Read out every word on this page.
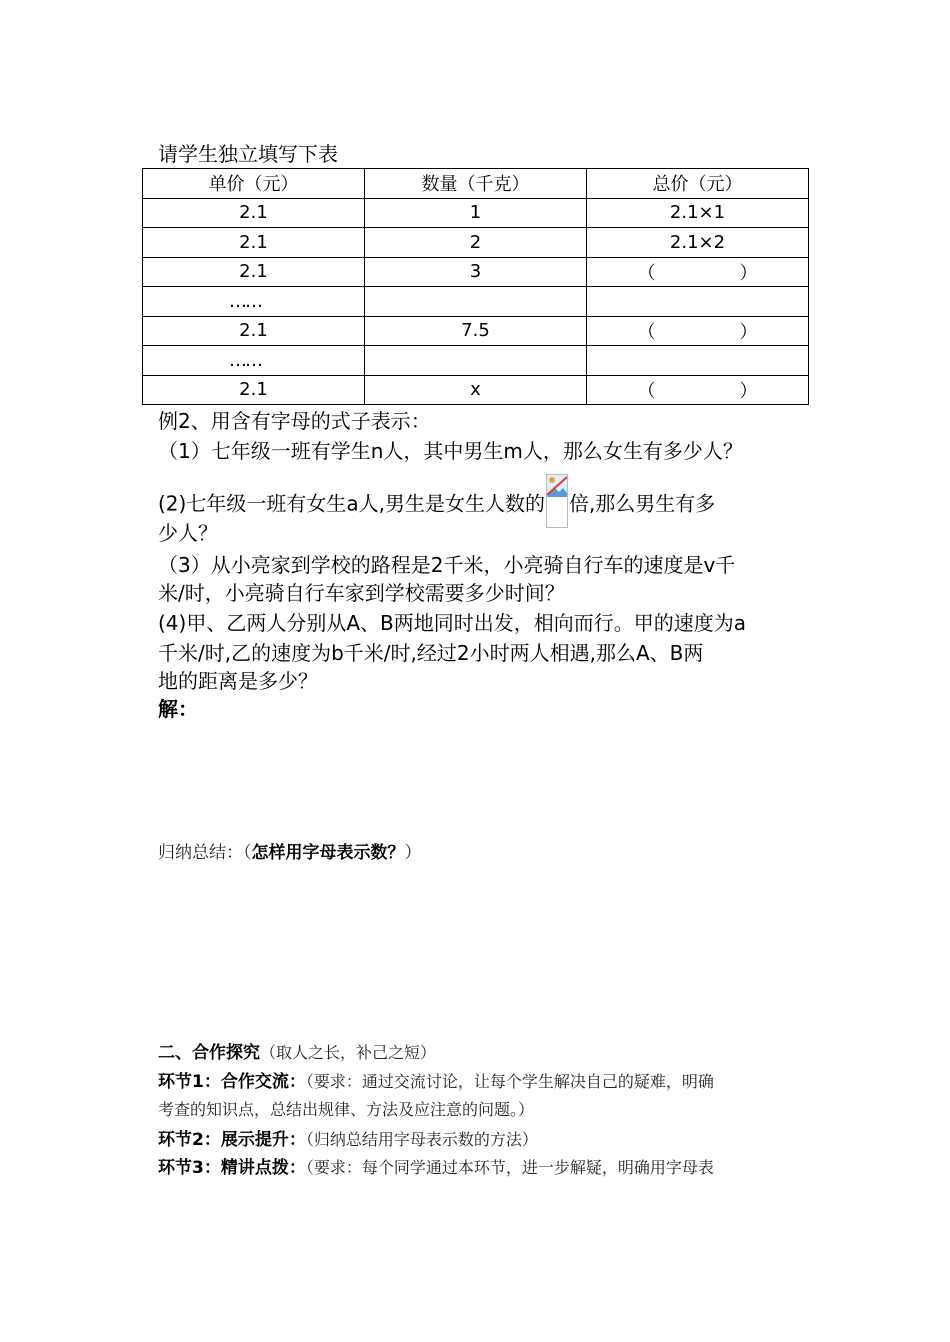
请学生独立填写下表
单价（元）	数量（千克）	总价（元）
2.1	1	2.1×1
2.1	2	2.1×2
2.1	3	（ ）

……		
2.1	7.5	（ ）

……		
2.1	x	（ ）
例2、用含有字母的式子表示：
（1）七年级一班有学生n人，其中男生m人，那么女生有多少人？
(2)七年级一班有女生a人,男生是女生人数的 倍,那么男生有多
少人？
（3）从小亮家到学校的路程是2千米，小亮骑自行车的速度是v千
米/时，小亮骑自行车家到学校需要多少时间？
(4)甲、乙两人分别从A、B两地同时出发，相向而行。甲的速度为a
千米/时,乙的速度为b千米/时,经过2小时两人相遇,那么A、B两
地的距离是多少？
解：
归纳总结：（怎样用字母表示数？）
二、合作探究（取人之长，补己之短）
环节1：合作交流：（要求：通过交流讨论，让每个学生解决自己的疑难，明确
考查的知识点，总结出规律、方法及应注意的问题。）
环节2：展示提升：（归纳总结用字母表示数的方法）
环节3：精讲点拨：（要求：每个同学通过本环节，进一步解疑，明确用字母表
